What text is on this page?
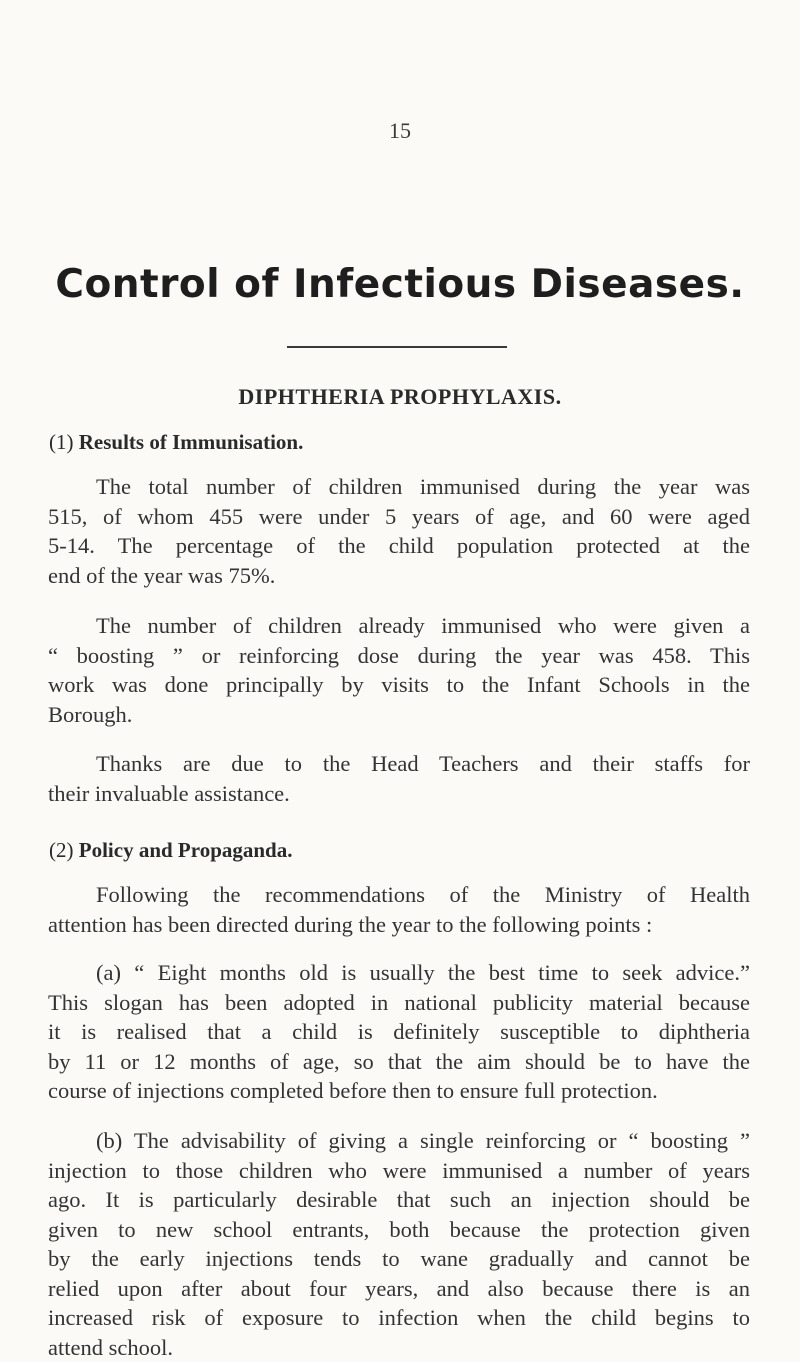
15
Control of Infectious Diseases.
DIPHTHERIA PROPHYLAXIS.
(1) Results of Immunisation.
The total number of children immunised during the year was
515, of whom 455 were under 5 years of age, and 60 were aged
5-14. The percentage of the child population protected at the
end of the year was 75%.
The number of children already immunised who were given a
“ boosting ” or reinforcing dose during the year was 458. This
work was done principally by visits to the Infant Schools in the
Borough.
Thanks are due to the Head Teachers and their staffs for
their invaluable assistance.
(2) Policy and Propaganda.
Following the recommendations of the Ministry of Health
attention has been directed during the year to the following points :
(a) “ Eight months old is usually the best time to seek advice.”
This slogan has been adopted in national publicity material because
it is realised that a child is definitely susceptible to diphtheria
by 11 or 12 months of age, so that the aim should be to have the
course of injections completed before then to ensure full protection.
(b) The advisability of giving a single reinforcing or “ boosting ”
injection to those children who were immunised a number of years
ago. It is particularly desirable that such an injection should be
given to new school entrants, both because the protection given
by the early injections tends to wane gradually and cannot be
relied upon after about four years, and also because there is an
increased risk of exposure to infection when the child begins to
attend school.
